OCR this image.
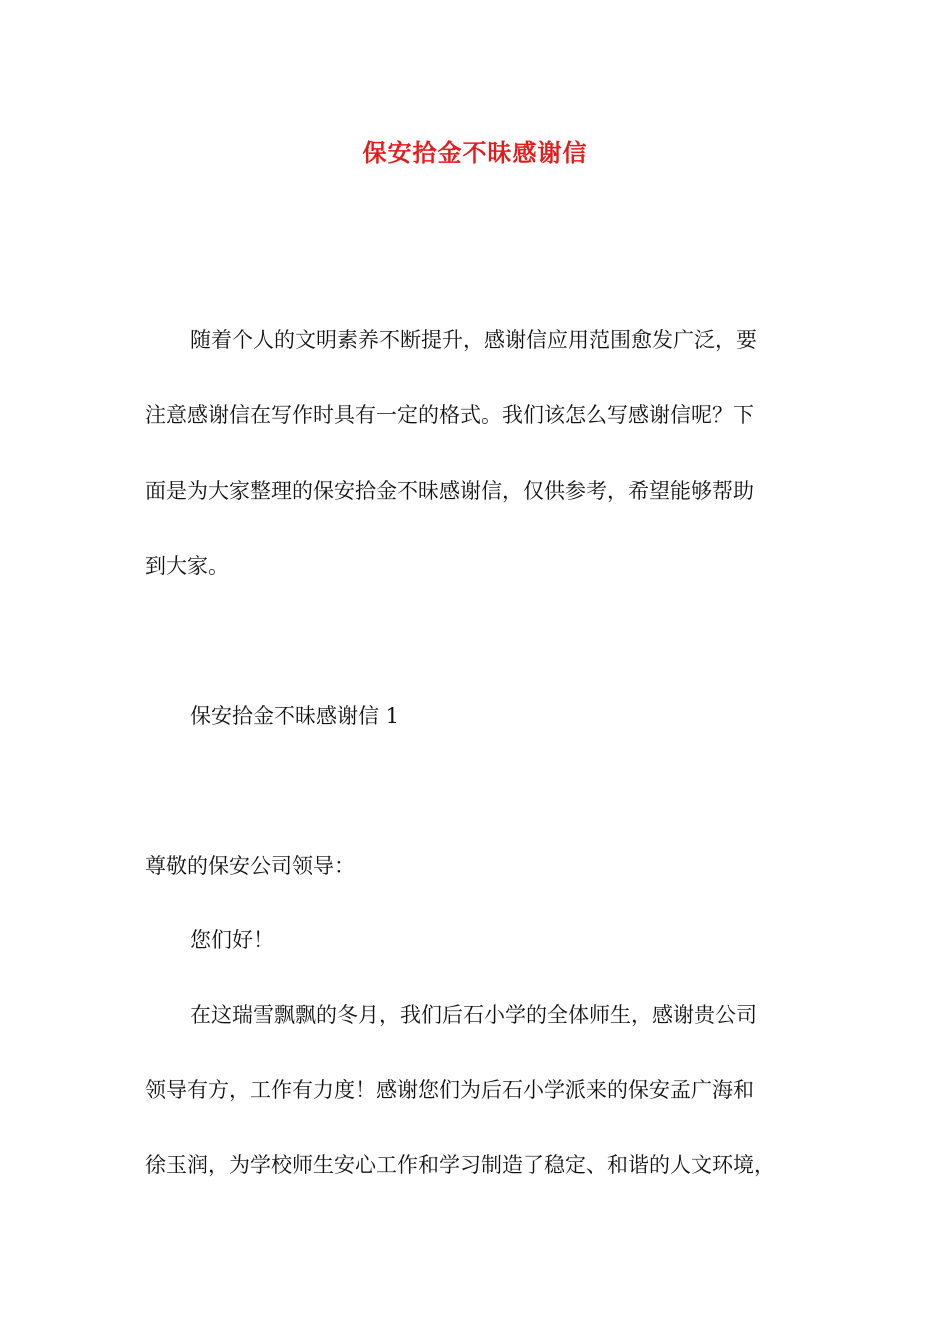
保安拾金不昧感谢信
随着个人的文明素养不断提升，感谢信应用范围愈发广泛，要
注意感谢信在写作时具有一定的格式。我们该怎么写感谢信呢？下
面是为大家整理的保安拾金不昧感谢信，仅供参考，希望能够帮助
到大家。
保安拾金不昧感谢信 1
尊敬的保安公司领导：
您们好！
在这瑞雪飘飘的冬月，我们后石小学的全体师生，感谢贵公司
领导有方，工作有力度！感谢您们为后石小学派来的保安孟广海和
徐玉润，为学校师生安心工作和学习制造了稳定、和谐的人文环境，
